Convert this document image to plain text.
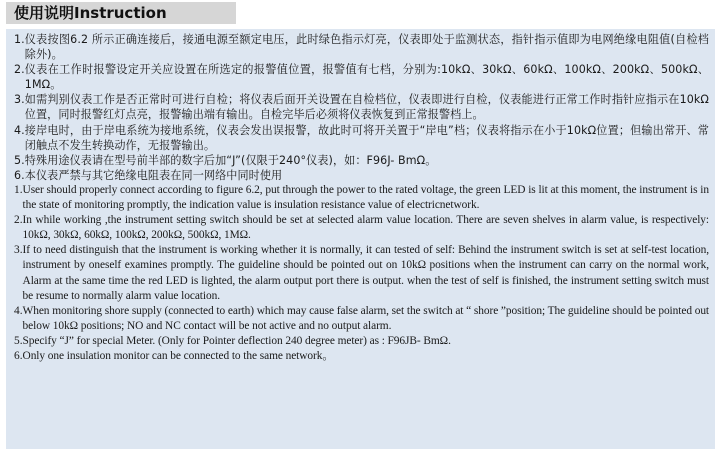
使用说明Instruction
1. 仪表按图6.2 所示正确连接后，接通电源至额定电压，此时绿色指示灯亮，仪表即处于监测状态，指针指示值即为电网绝缘电阻值(自检档除外)。
2. 仪表在工作时报警设定开关应设置在所选定的报警值位置，报警值有七档，分别为:10kΩ、30kΩ、60kΩ、100kΩ、200kΩ、500kΩ、1MΩ。
3. 如需判别仪表工作是否正常时可进行自检；将仪表后面开关设置在自检档位，仪表即进行自检，仪表能进行正常工作时指针应指示在10kΩ位置，同时报警红灯点亮，报警输出端有输出。自检完毕后必须将仪表恢复到正常报警档上。
4. 接岸电时，由于岸电系统为接地系统，仪表会发出误报警，故此时可将开关置于“岸电”档；仪表将指示在小于10kΩ位置；但输出常开、常闭触点不发生转换动作，无报警输出。
5. 特殊用途仪表请在型号前半部的数字后加“J”(仅限于240°仪表)，如：F96J- BmΩ。
6. 本仪表严禁与其它绝缘电阻表在同一网络中同时使用
1. User should properly connect according to figure 6.2, put through the power to the rated voltage, the green LED is lit at this moment, the instrument is in the state of monitoring promptly, the indication value is insulation resistance value of electricnetwork.
2. In while working ,the instrument setting switch should be set at selected alarm value location. There are seven shelves in alarm value, is respectively: 10kΩ, 30kΩ, 60kΩ, 100kΩ, 200kΩ, 500kΩ, 1MΩ.
3. If to need distinguish that the instrument is working whether it is normally, it can tested of self: Behind the instrument switch is set at self-test location, instrument by oneself examines promptly. The guideline should be pointed out on 10kΩ positions when the instrument can carry on the normal work, Alarm at the same time the red LED is lighted, the alarm output port there is output. when the test of self is finished, the instrument setting switch must be resume to normally alarm value location.
4. When monitoring shore supply (connected to earth) which may cause false alarm, set the switch at “ shore ”position; The guideline should be pointed out below 10kΩ positions; NO and NC contact will be not active and no output alarm.
5. Specify “J” for special Meter. (Only for Pointer deflection 240 degree meter) as : F96JB- BmΩ.
6. Only one insulation monitor can be connected to the same network。
